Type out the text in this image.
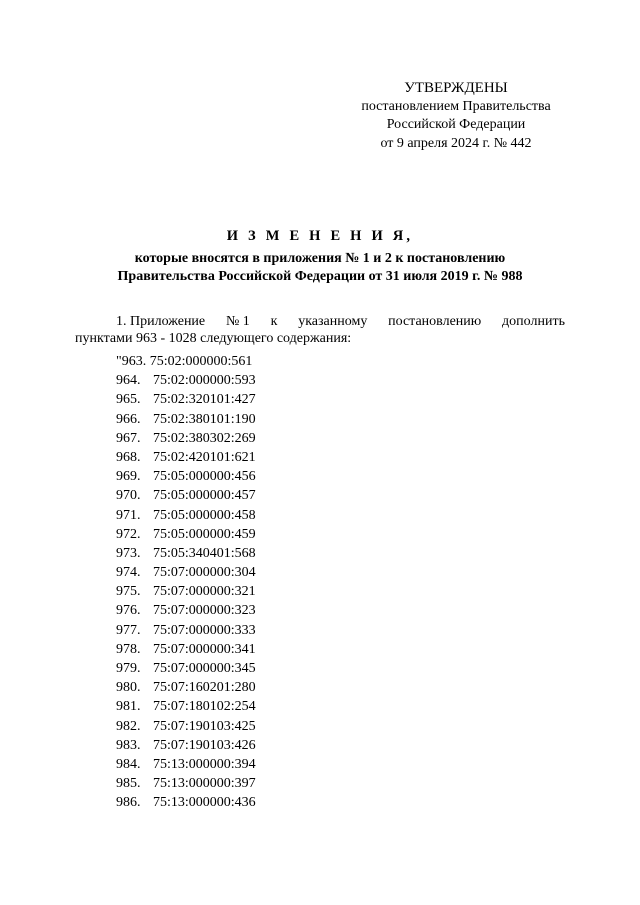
УТВЕРЖДЕНЫ
постановлением Правительства
Российской Федерации
от 9 апреля 2024 г. № 442
И З М Е Н Е Н И Я,
которые вносятся в приложения № 1 и 2 к постановлению
Правительства Российской Федерации от 31 июля 2019 г. № 988
1. Приложение № 1 к указанному постановлению дополнить
пунктами 963 - 1028 следующего содержания:
"963. 75:02:000000:561
964. 75:02:000000:593
965. 75:02:320101:427
966. 75:02:380101:190
967. 75:02:380302:269
968. 75:02:420101:621
969. 75:05:000000:456
970. 75:05:000000:457
971. 75:05:000000:458
972. 75:05:000000:459
973. 75:05:340401:568
974. 75:07:000000:304
975. 75:07:000000:321
976. 75:07:000000:323
977. 75:07:000000:333
978. 75:07:000000:341
979. 75:07:000000:345
980. 75:07:160201:280
981. 75:07:180102:254
982. 75:07:190103:425
983. 75:07:190103:426
984. 75:13:000000:394
985. 75:13:000000:397
986. 75:13:000000:436
